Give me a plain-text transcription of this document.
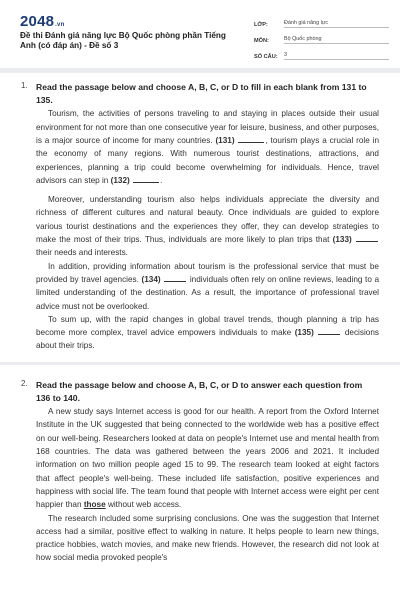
2048.vn
Đề thi Đánh giá năng lực Bộ Quốc phòng phần Tiếng Anh (có đáp án) - Đề số 3
LỚP:	Đánh giá năng lực
MÔN:	Bộ Quốc phòng
SỐ CÂU:	3
1. Read the passage below and choose A, B, C, or D to fill in each blank from 131 to 135.

Tourism, the activities of persons traveling to and staying in places outside their usual environment for not more than one consecutive year for leisure, business, and other purposes, is a major source of income for many countries. (131)	, tourism plays a crucial role in the economy of many regions. With numerous tourist destinations, attractions, and experiences, planning a trip could become overwhelming for individuals. Hence, travel advisors can step in (132)	.

Moreover, understanding tourism also helps individuals appreciate the diversity and richness of different cultures and natural beauty. Once individuals are guided to explore various tourist destinations and the experiences they offer, they can develop strategies to make the most of their trips. Thus, individuals are more likely to plan trips that (133)  their needs and interests.

In addition, providing information about tourism is the professional service that must be provided by travel agencies. (134)	individuals often rely on online reviews, leading to a limited understanding of the destination. As a result, the importance of professional travel advice must not be overlooked.

To sum up, with the rapid changes in global travel trends, though planning a trip has become more complex, travel advice empowers individuals to make (135)	decisions about their trips.

2. Read the passage below and choose A, B, C, or D to answer each question from 136 to 140.

A new study says Internet access is good for our health. A report from the Oxford Internet Institute in the UK suggested that being connected to the worldwide web has a positive effect on our well-being. Researchers looked at data on people's Internet use and mental health from 168 countries. The data was gathered between the years 2006 and 2021. It included information on two million people aged 15 to 99. The research team looked at eight factors that affect people's well-being. These included life satisfaction, positive experiences and happiness with social life. The team found that people with Internet access were eight per cent happier than those without web access.

The research included some surprising conclusions. One was the suggestion that Internet access had a similar, positive effect to walking in nature. It helps people to learn new things, practice hobbies, watch movies, and make new friends. However, the research did not look at how social media provoked people's
